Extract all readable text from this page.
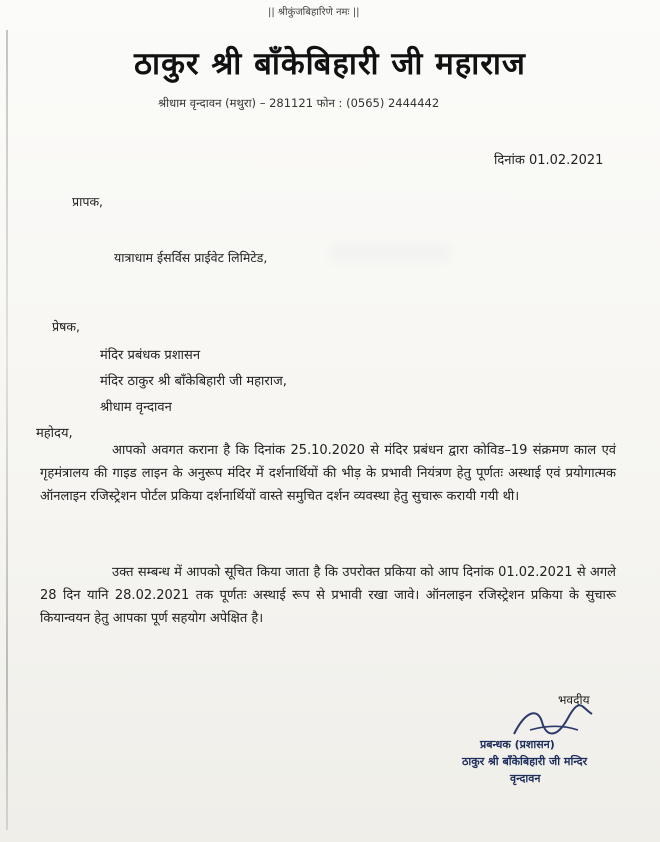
|| श्रीकुंजबिहारिणे नमः ||
ठाकुर श्री बाँकेबिहारी जी महाराज
श्रीधाम वृन्दावन (मथुरा) – 281121 फोन : (0565) 2444442
दिनांक 01.02.2021
प्रापक,
यात्राधाम ईसर्विस प्राईवेट लिमिटेड,
प्रेषक,
मंदिर प्रबंधक प्रशासन
मंदिर ठाकुर श्री बाँकेबिहारी जी महाराज,
श्रीधाम वृन्दावन
महोदय,

आपको अवगत कराना है कि दिनांक 25.10.2020 से मंदिर प्रबंधन द्वारा कोविड–19 संक्रमण काल एवं गृहमंत्रालय की गाइड लाइन के अनुरूप मंदिर में दर्शनार्थियों की भीड़ के प्रभावी नियंत्रण हेतु पूर्णतः अस्थाई एवं प्रयोगात्मक ऑनलाइन रजिस्ट्रेशन पोर्टल प्रकिया दर्शनार्थियों वास्ते समुचित दर्शन व्यवस्था हेतु सुचारू करायी गयी थी।

उक्त सम्बन्ध में आपको सूचित किया जाता है कि उपरोक्त प्रकिया को आप दिनांक 01.02.2021 से अगले 28 दिन यानि 28.02.2021 तक पूर्णतः अस्थाई रूप से प्रभावी रखा जावे। ऑनलाइन रजिस्ट्रेशन प्रकिया के सुचारू कियान्वयन हेतु आपका पूर्ण सहयोग अपेक्षित है।

भवदीय
प्रबन्धक (प्रशासन)
ठाकुर श्री बाँकेबिहारी जी मन्दिर
वृन्दावन
